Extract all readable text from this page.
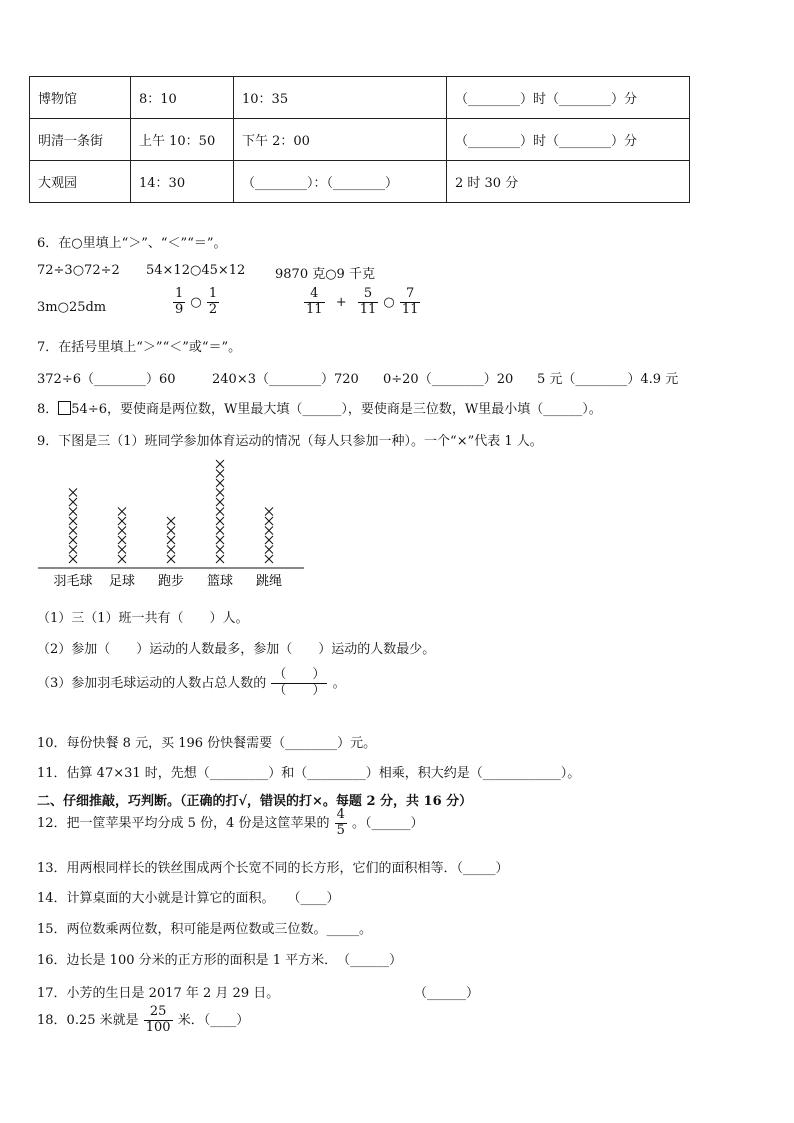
博物馆	8：10	10：35	（________）时（________）分
明清一条街	上午 10：50	下午 2：00	（________）时（________）分
大观园	14：30	（________）：（________）	2 时 30 分
6．在○里填上“＞”、“＜”“＝”。
72÷3○72÷2 54×12○45×12 9870 克○9 千克
3m○25dm	$\frac{1}{9}$ ○ $\frac{1}{2}$	$\frac{4}{11} + \frac{5}{11}$ ○ $\frac{7}{11}$
7．在括号里填上“＞”“＜”或“＝”。
372÷6（________）60	240×3（________）720 0÷20（________）20 5 元（________）4.9 元
8． 54÷6，要使商是两位数，W里最大填（______），要使商是三位数，W里最小填（______）。
9．下图是三（1）班同学参加体育运动的情况（每人只参加一种）。一个“×”代表 1 人。
羽毛球 足球 跑步 篮球 跳绳
（1）三（1）班一共有（　　）人。
（2）参加（　　）运动的人数最多，参加（　　）运动的人数最少。
（3）参加羽毛球运动的人数占总人数的 $\frac{( )}{( )}$ 。
10．每份快餐 8 元，买 196 份快餐需要（________）元。
11．估算 47×31 时，先想（_________）和（_________）相乘，积大约是（____________）。
二、仔细推敲，巧判断。（正确的打√，错误的打×。每题 2 分，共 16 分）
12．把一筐苹果平均分成 5 份，4 份是这筐苹果的 $\frac{4}{5}$ 。（______）
13．用两根同样长的铁丝围成两个长宽不同的长方形，它们的面积相等．（_____）
14．计算桌面的大小就是计算它的面积。　　（____）
15．两位数乘两位数，积可能是两位数或三位数。_____。
16．边长是 100 分米的正方形的面积是 1 平方米．　（______）
17．小芳的生日是 2017 年 2 月 29 日。	（______）
18．0.25 米就是 $\frac{25}{100}$ 米．（____）
